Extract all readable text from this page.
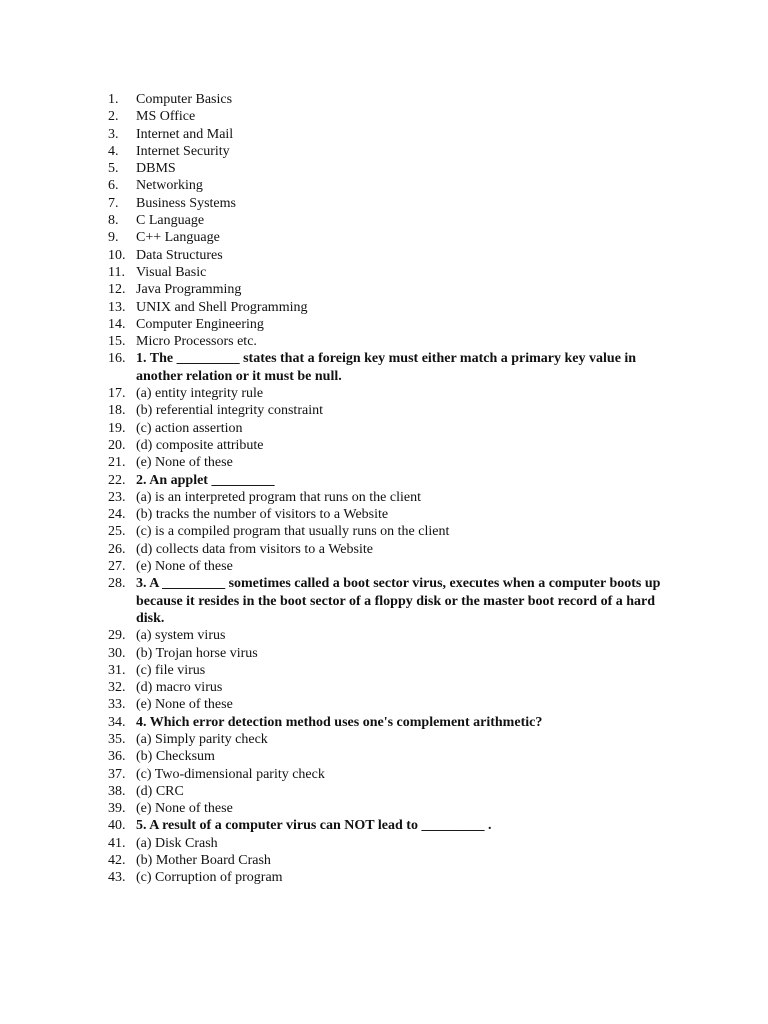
1.	Computer Basics
2.	MS Office
3.	Internet and Mail
4.	Internet Security
5.	DBMS
6.	Networking
7.	Business Systems
8.	C Language
9.	C++ Language
10. Data Structures
11. Visual Basic
12. Java Programming
13. UNIX and Shell Programming
14. Computer Engineering
15. Micro Processors etc.
16. 1. The _________ states that a foreign key must either match a primary key value in another relation or it must be null.
17. (a) entity integrity rule
18. (b) referential integrity constraint
19. (c) action assertion
20. (d) composite attribute
21. (e) None of these
22. 2. An applet _________
23. (a) is an interpreted program that runs on the client
24. (b) tracks the number of visitors to a Website
25. (c) is a compiled program that usually runs on the client
26. (d) collects data from visitors to a Website
27. (e) None of these
28. 3. A _________ sometimes called a boot sector virus, executes when a computer boots up because it resides in the boot sector of a floppy disk or the master boot record of a hard disk.
29. (a) system virus
30. (b) Trojan horse virus
31. (c) file virus
32. (d) macro virus
33. (e) None of these
34. 4. Which error detection method uses one's complement arithmetic?
35. (a) Simply parity check
36. (b) Checksum
37. (c) Two-dimensional parity check
38. (d) CRC
39. (e) None of these
40. 5. A result of a computer virus can NOT lead to _________ .
41. (a) Disk Crash
42. (b) Mother Board Crash
43. (c) Corruption of program
